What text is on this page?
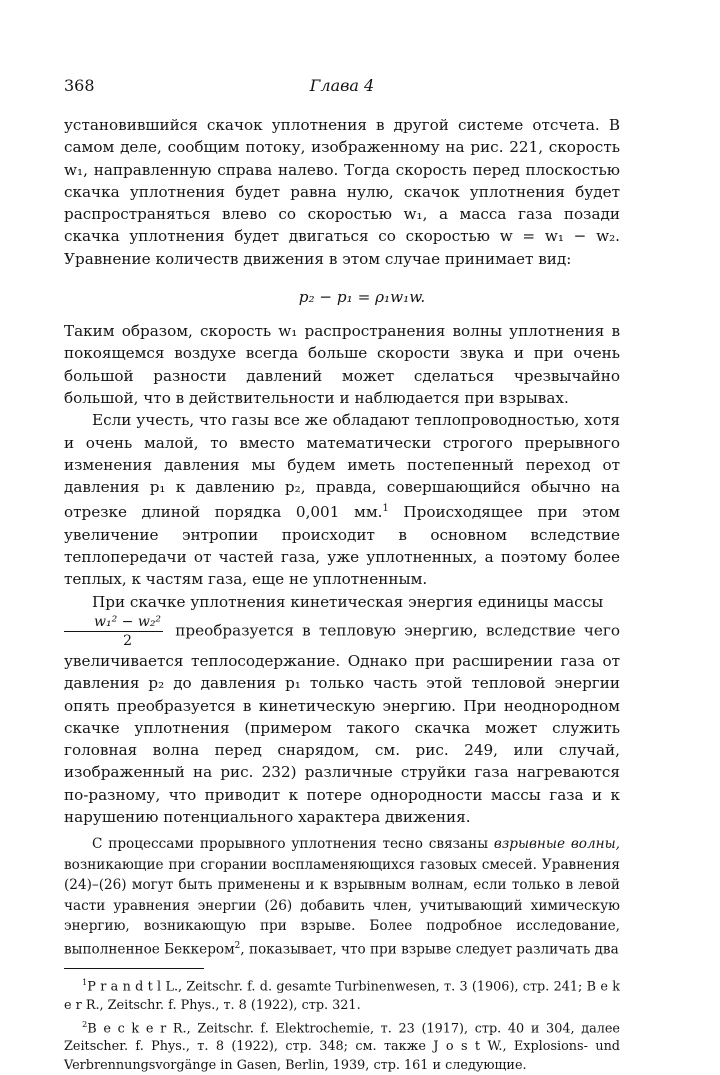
368	Глава 4

установившийся скачок уплотнения в другой системе отсчета. В самом деле, сообщим потоку, изображенному на рис. 221, скорость w₁, направленную справа налево. Тогда скорость перед плоскостью скачка уплотнения будет равна нулю, скачок уплотнения будет распространяться влево со скоростью w₁, а масса газа позади скачка уплотнения будет двигаться со скоростью w = w₁ − w₂. Уравнение количеств движения в этом случае принимает вид:

p₂ − p₁ = ρ₁w₁w.

Таким образом, скорость w₁ распространения волны уплотнения в покоящемся воздухе всегда больше скорости звука и при очень большой разности давлений может сделаться чрезвычайно большой, что в действительности и наблюдается при взрывах.

Если учесть, что газы все же обладают теплопроводностью, хотя и очень малой, то вместо математически строгого прерывного изменения давления мы будем иметь постепенный переход от давления p₁ к давлению p₂, правда, совершающийся обычно на отрезке длиной порядка 0,001 мм.$^1$ Происходящее при этом увеличение энтропии происходит в основном вследствие теплопередачи от частей газа, уже уплотненных, а поэтому более теплых, к частям газа, еще не уплотненным.

При скачке уплотнения кинетическая энергия единицы массы

$\frac{\text{w₁² − w₂²}}{2}$ преобразуется в тепловую энергию, вследствие чего увеличивается теплосодержание. Однако при расширении газа от давления p₂ до давления p₁ только часть этой тепловой энергии опять преобразуется в кинетическую энергию. При неоднородном скачке уплотнения (примером такого скачка может служить головная волна перед снарядом, см. рис. 249, или случай, изображенный на рис. 232) различные струйки газа нагреваются по-разному, что приводит к потере однородности массы газа и к нарушению потенциального характера движения.

С процессами прорывного уплотнения тесно связаны взрывные волны, возникающие при сгорании воспламеняющихся газовых смесей. Уравнения (24)–(26) могут быть применены и к взрывным волнам, если только в левой части уравнения энергии (26) добавить член, учитывающий химическую энергию, возникающую при взрыве. Более подробное исследование, выполненное Беккером$^2$, показывает, что при взрыве следует различать два

$^1$P r a n d t l L., Zeitschr. f. d. gesamte Turbinenwesen, т. 3 (1906), стр. 241; B e k e r R., Zeitschr. f. Phys., т. 8 (1922), стр. 321.

$^2$B e c k e r R., Zeitschr. f. Elektrochemie, т. 23 (1917), стр. 40 и 304, далее Zeitscher. f. Phys., т. 8 (1922), стр. 348; см. также J o s t W., Explosions- und Verbrennungsvorgänge in Gasen, Berlin, 1939, стр. 161 и следующие.
